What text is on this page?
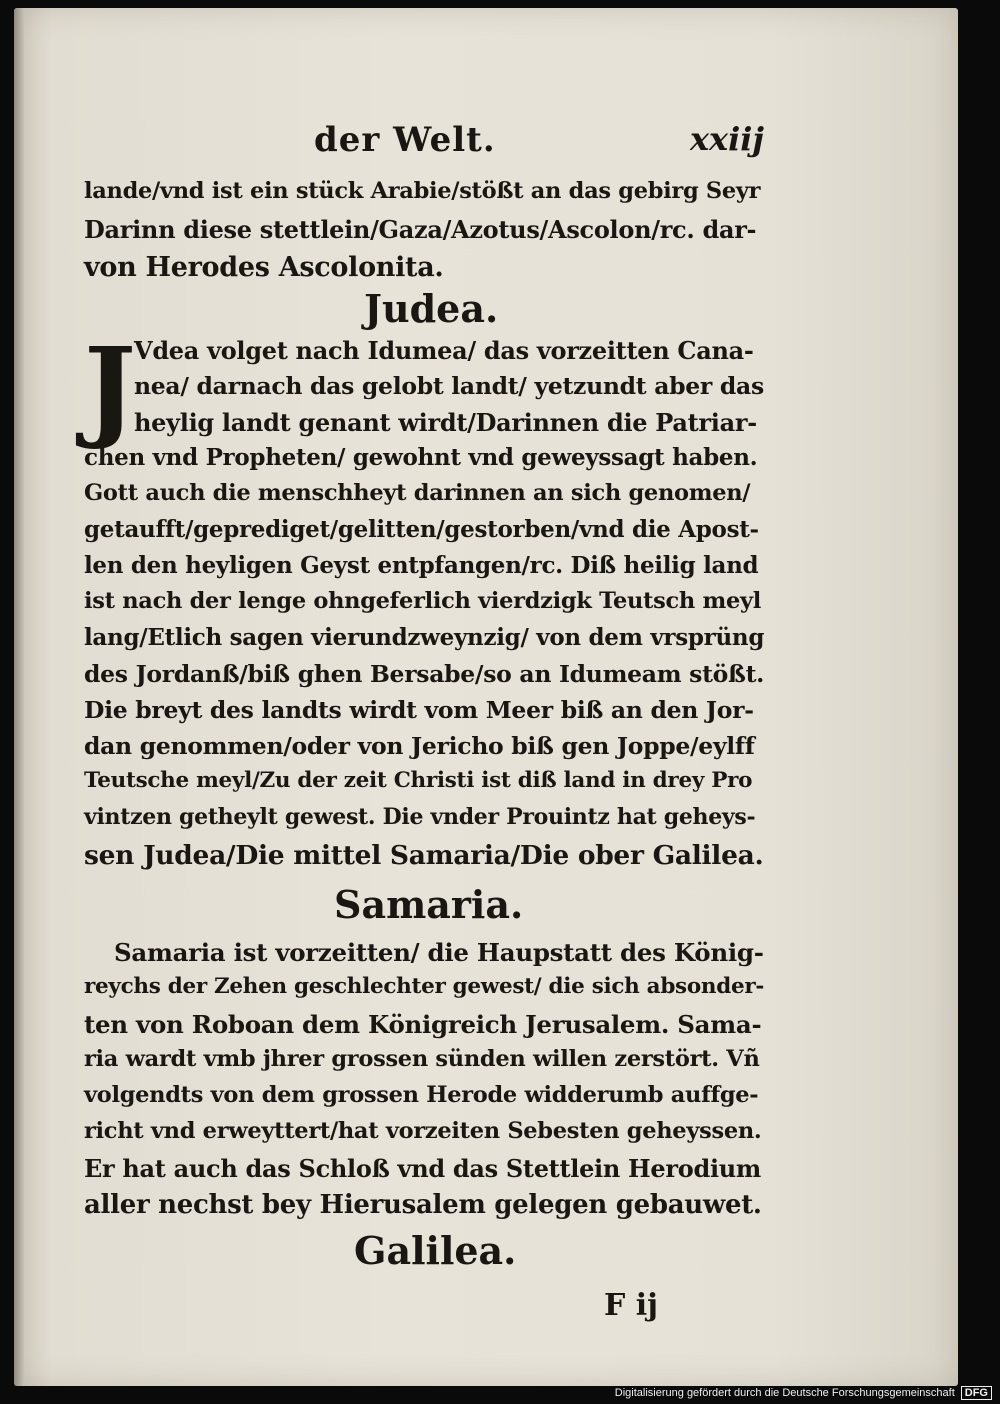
der Welt.	xxiij
lande/vnd ist ein stück Arabie/stößt an das gebirg Seyr
Darinn diese stettlein/Gaza/Azotus/Ascolon/rc. dar-
von Herodes Ascolonita.
Judea.
J
Vdea volget nach Idumea/ das vorzeitten Cana-
nea/ darnach das gelobt landt/ yetzundt aber das
heylig landt genant wirdt/Darinnen die Patriar-
chen vnd Propheten/ gewohnt vnd geweyssagt haben.
Gott auch die menschheyt darinnen an sich genomen/
getaufft/geprediget/gelitten/gestorben/vnd die Apost-
len den heyligen Geyst entpfangen/rc. Diß heilig land
ist nach der lenge ohngeferlich vierdzigk Teutsch meyl
lang/Etlich sagen vierundzweynzig/ von dem vrsprüng
des Jordanß/biß ghen Bersabe/so an Idumeam stößt.
Die breyt des landts wirdt vom Meer biß an den Jor-
dan genommen/oder von Jericho biß gen Joppe/eylff
Teutsche meyl/Zu der zeit Christi ist diß land in drey Pro
vintzen getheylt gewest. Die vnder Prouintz hat geheys-
sen Judea/Die mittel Samaria/Die ober Galilea.
Samaria.
Samaria ist vorzeitten/ die Haupstatt des König-
reychs der Zehen geschlechter gewest/ die sich absonder-
ten von Roboan dem Königreich Jerusalem. Sama-
ria wardt vmb jhrer grossen sünden willen zerstört. Vñ
volgendts von dem grossen Herode widderumb auffge-
richt vnd erweyttert/hat vorzeiten Sebesten geheyssen.
Er hat auch das Schloß vnd das Stettlein Herodium
aller nechst bey Hierusalem gelegen gebauwet.
Galilea.
F ij
Digitalisierung gefördert durch die Deutsche Forschungsgemeinschaft DFG
